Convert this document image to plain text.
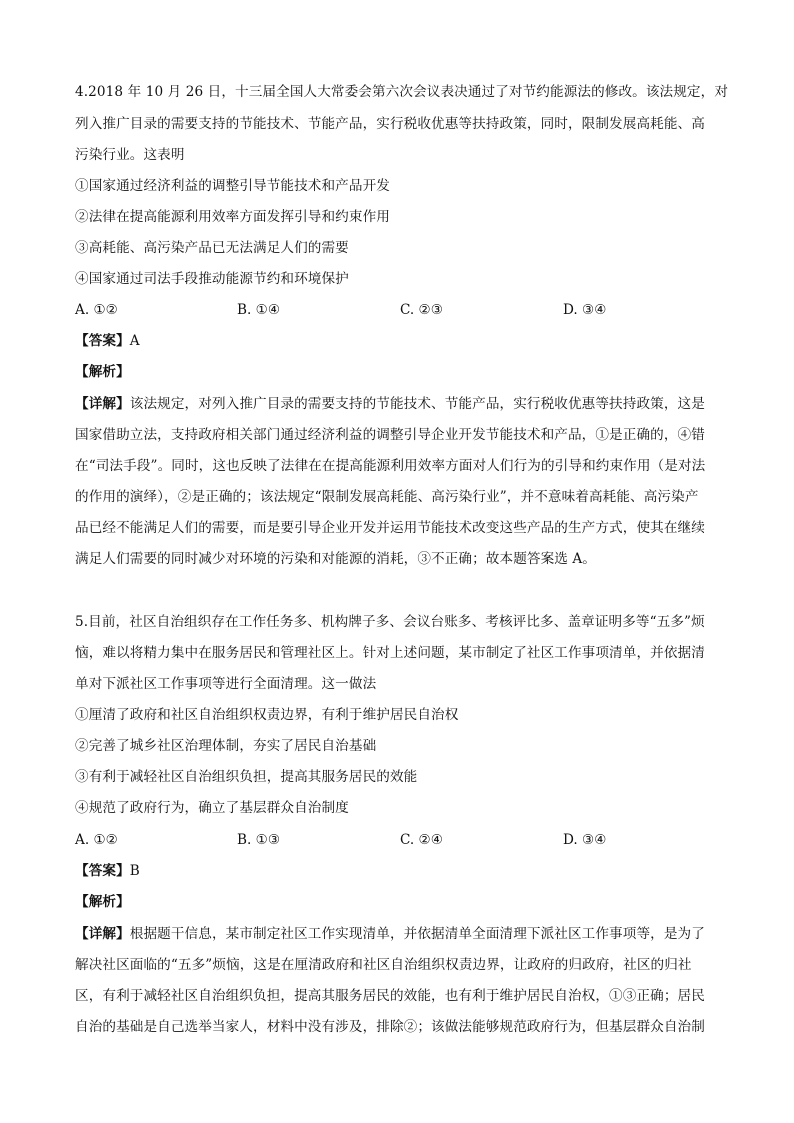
4.2018 年 10 月 26 日，十三届全国人大常委会第六次会议表决通过了对节约能源法的修改。该法规定，对
列入推广目录的需要支持的节能技术、节能产品，实行税收优惠等扶持政策，同时，限制发展高耗能、高
污染行业。这表明
①国家通过经济利益的调整引导节能技术和产品开发
②法律在提高能源利用效率方面发挥引导和约束作用
③高耗能、高污染产品已无法满足人们的需要
④国家通过司法手段推动能源节约和环境保护
A. ①②	B. ①④	C. ②③	D. ③④
【答案】A
【解析】
【详解】该法规定，对列入推广目录的需要支持的节能技术、节能产品，实行税收优惠等扶持政策，这是
国家借助立法，支持政府相关部门通过经济利益的调整引导企业开发节能技术和产品，①是正确的，④错
在“司法手段”。同时，这也反映了法律在在提高能源利用效率方面对人们行为的引导和约束作用（是对法
的作用的演绎），②是正确的；该法规定“限制发展高耗能、高污染行业”，并不意味着高耗能、高污染产
品已经不能满足人们的需要，而是要引导企业开发并运用节能技术改变这些产品的生产方式，使其在继续
满足人们需要的同时减少对环境的污染和对能源的消耗，③不正确；故本题答案选 A。
5.目前，社区自治组织存在工作任务多、机构牌子多、会议台账多、考核评比多、盖章证明多等“五多”烦
恼，难以将精力集中在服务居民和管理社区上。针对上述问题，某市制定了社区工作事项清单，并依据清
单对下派社区工作事项等进行全面清理。这一做法
①厘清了政府和社区自治组织权责边界，有利于维护居民自治权
②完善了城乡社区治理体制，夯实了居民自治基础
③有利于减轻社区自治组织负担，提高其服务居民的效能
④规范了政府行为，确立了基层群众自治制度
A. ①②	B. ①③	C. ②④	D. ③④
【答案】B
【解析】
【详解】根据题干信息，某市制定社区工作实现清单，并依据清单全面清理下派社区工作事项等，是为了
解决社区面临的“五多”烦恼，这是在厘清政府和社区自治组织权责边界，让政府的归政府，社区的归社
区，有利于减轻社区自治组织负担，提高其服务居民的效能，也有利于维护居民自治权，①③正确；居民
自治的基础是自己选举当家人，材料中没有涉及，排除②；该做法能够规范政府行为，但基层群众自治制
